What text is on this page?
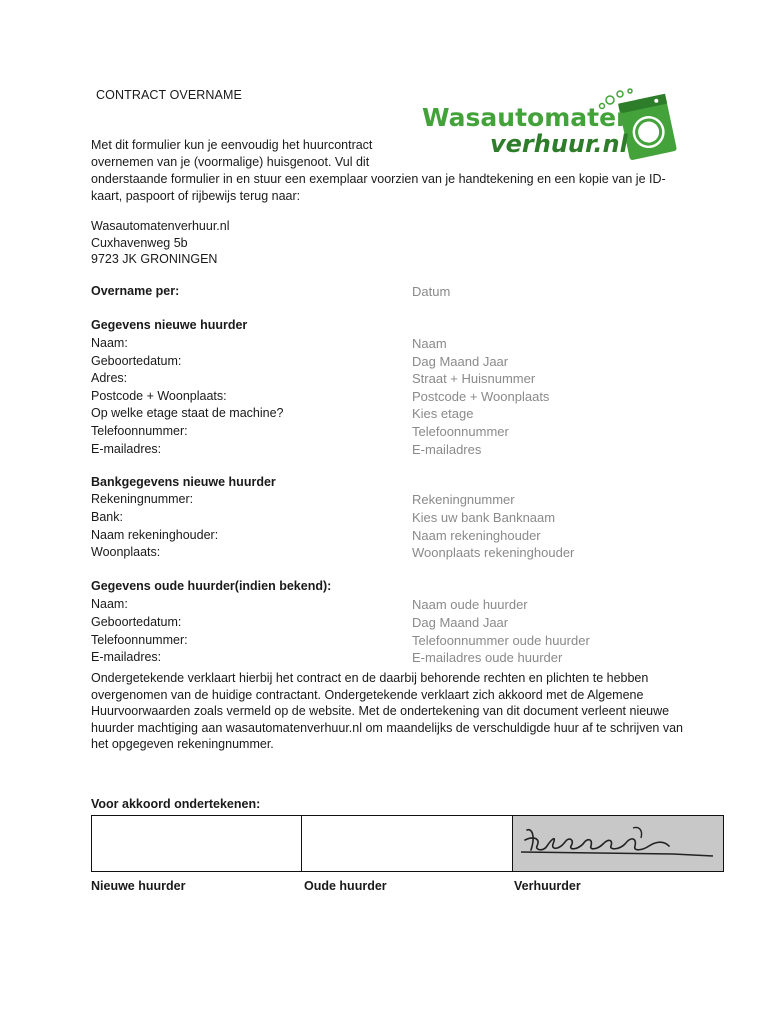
CONTRACT OVERNAME
Wasautomaten
verhuur.nl
Met dit formulier kun je eenvoudig het huurcontract
overnemen van je (voormalige) huisgenoot. Vul dit
onderstaande formulier in en stuur een exemplaar voorzien van je handtekening en een kopie van je ID-kaart, paspoort of rijbewijs terug naar:
Wasautomatenverhuur.nl
Cuxhavenweg 5b
9723 JK GRONINGEN
Overname per:	Datum
Gegevens nieuwe huurder
Naam:	Naam
Geboortedatum:	Dag Maand Jaar
Adres:	Straat + Huisnummer
Postcode + Woonplaats:	Postcode + Woonplaats
Op welke etage staat de machine?	Kies etage
Telefoonnummer:	Telefoonnummer
E-mailadres:	E-mailadres
Bankgegevens nieuwe huurder
Rekeningnummer:	Rekeningnummer
Bank:	Kies uw bank Banknaam
Naam rekeninghouder:	Naam rekeninghouder
Woonplaats:	Woonplaats rekeninghouder
Gegevens oude huurder(indien bekend):
Naam:	Naam oude huurder
Geboortedatum:	Dag Maand Jaar
Telefoonnummer:	Telefoonnummer oude huurder
E-mailadres:	E-mailadres oude huurder
Ondergetekende verklaart hierbij het contract en de daarbij behorende rechten en plichten te hebben overgenomen van de huidige contractant. Ondergetekende verklaart zich akkoord met de Algemene Huurvoorwaarden zoals vermeld op de website. Met de ondertekening van dit document verleent nieuwe huurder machtiging aan wasautomatenverhuur.nl om maandelijks de verschuldigde huur af te schrijven van het opgegeven rekeningnummer.
Voor akkoord ondertekenen:
Nieuwe huurder	Oude huurder	Verhuurder
